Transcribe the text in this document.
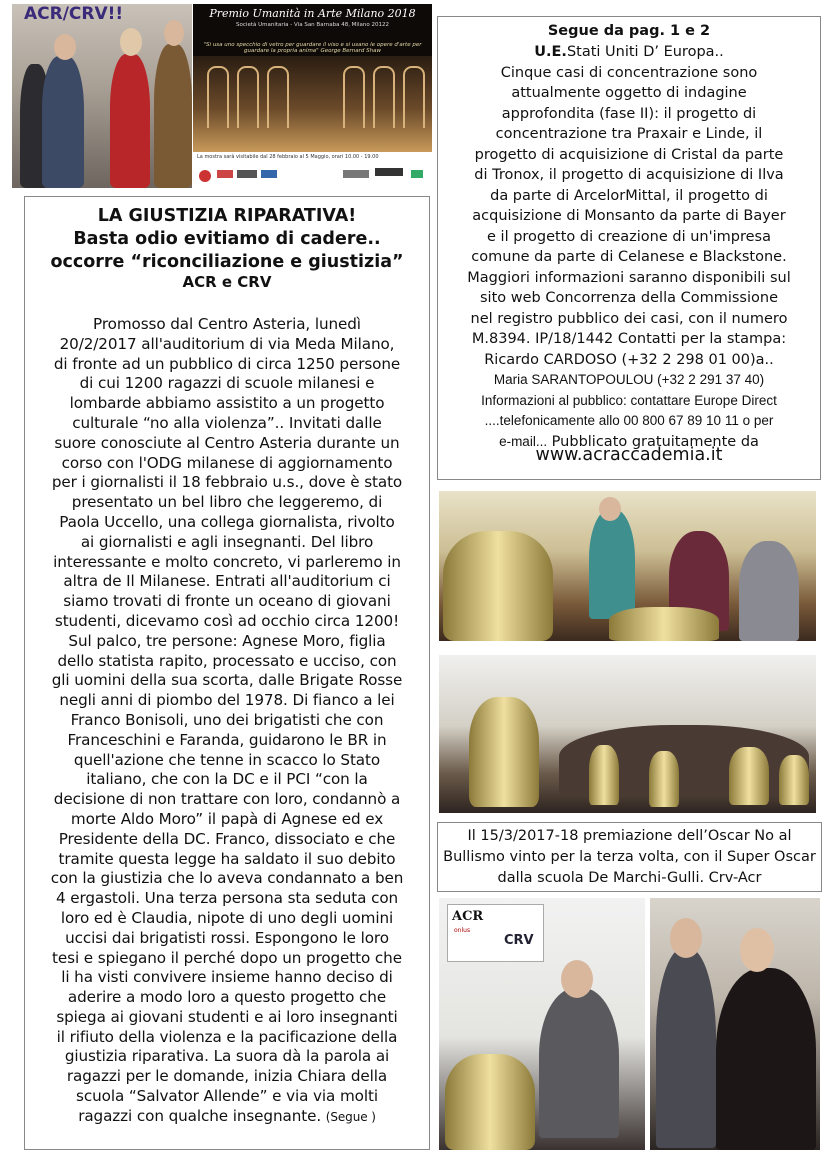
ACR/CRV!!	Premio Umanità in Arte Milano 2018
Società Umanitaria - Via San Barnaba 48, Milano 20122
"Si usa uno specchio di vetro per guardare il viso e si usano le opere d'arte per guardare la propria anima" George Bernard Shaw
La mostra sarà visitabile dal 28 febbraio al 5 Maggio, orari 10.00 - 19.00
LA GIUSTIZIA RIPARATIVA!
Basta odio evitiamo di cadere..
occorre “riconciliazione e giustizia”
ACR e CRV
Promosso dal Centro Asteria, lunedì
20/2/2017 all'auditorium di via Meda Milano,
di fronte ad un pubblico di circa 1250 persone
di cui 1200 ragazzi di scuole milanesi e
lombarde abbiamo assistito a un progetto
culturale “no alla violenza”.. Invitati dalle
suore conosciute al Centro Asteria durante un
corso con l'ODG milanese di aggiornamento
per i giornalisti il 18 febbraio u.s., dove è stato
presentato un bel libro che leggeremo, di
Paola Uccello, una collega giornalista, rivolto
ai giornalisti e agli insegnanti. Del libro
interessante e molto concreto, vi parleremo in
altra de Il Milanese. Entrati all'auditorium ci
siamo trovati di fronte un oceano di giovani
studenti, dicevamo così ad occhio circa 1200!
Sul palco, tre persone: Agnese Moro, figlia
dello statista rapito, processato e ucciso, con
gli uomini della sua scorta, dalle Brigate Rosse
negli anni di piombo del 1978. Di fianco a lei
Franco Bonisoli, uno dei brigatisti che con
Franceschini e Faranda, guidarono le BR in
quell'azione che tenne in scacco lo Stato
italiano, che con la DC e il PCI “con la
decisione di non trattare con loro, condannò a
morte Aldo Moro” il papà di Agnese ed ex
Presidente della DC. Franco, dissociato e che
tramite questa legge ha saldato il suo debito
con la giustizia che lo aveva condannato a ben
4 ergastoli. Una terza persona sta seduta con
loro ed è Claudia, nipote di uno degli uomini
uccisi dai brigatisti rossi. Espongono le loro
tesi e spiegano il perché dopo un progetto che
li ha visti convivere insieme hanno deciso di
aderire a modo loro a questo progetto che
spiega ai giovani studenti e ai loro insegnanti
il rifiuto della violenza e la pacificazione della
giustizia riparativa. La suora dà la parola ai
ragazzi per le domande, inizia Chiara della
scuola “Salvator Allende” e via via molti
ragazzi con qualche insegnante. (Segue )
Segue da pag. 1 e 2
U.E.Stati Uniti D’ Europa..
Cinque casi di concentrazione sono
attualmente oggetto di indagine
approfondita (fase II): il progetto di
concentrazione tra Praxair e Linde, il
progetto di acquisizione di Cristal da parte
di Tronox, il progetto di acquisizione di Ilva
da parte di ArcelorMittal, il progetto di
acquisizione di Monsanto da parte di Bayer
e il progetto di creazione di un'impresa
comune da parte di Celanese e Blackstone.
Maggiori informazioni saranno disponibili sul
sito web Concorrenza della Commissione
nel registro pubblico dei casi, con il numero
M.8394. IP/18/1442 Contatti per la stampa:
Ricardo CARDOSO (+32 2 298 01 00)a..
Maria SARANTOPOULOU (+32 2 291 37 40)
Informazioni al pubblico: contattare Europe Direct
....telefonicamente allo 00 800 67 89 10 11 o per
e-mail... Pubblicato gratuitamente da
www.acraccademia.it
Il 15/3/2017-18 premiazione dell’Oscar No al Bullismo vinto per la terza volta, con il Super Oscar dalla scuola De Marchi-Gulli. Crv-Acr
ACR
onlus
CRV
